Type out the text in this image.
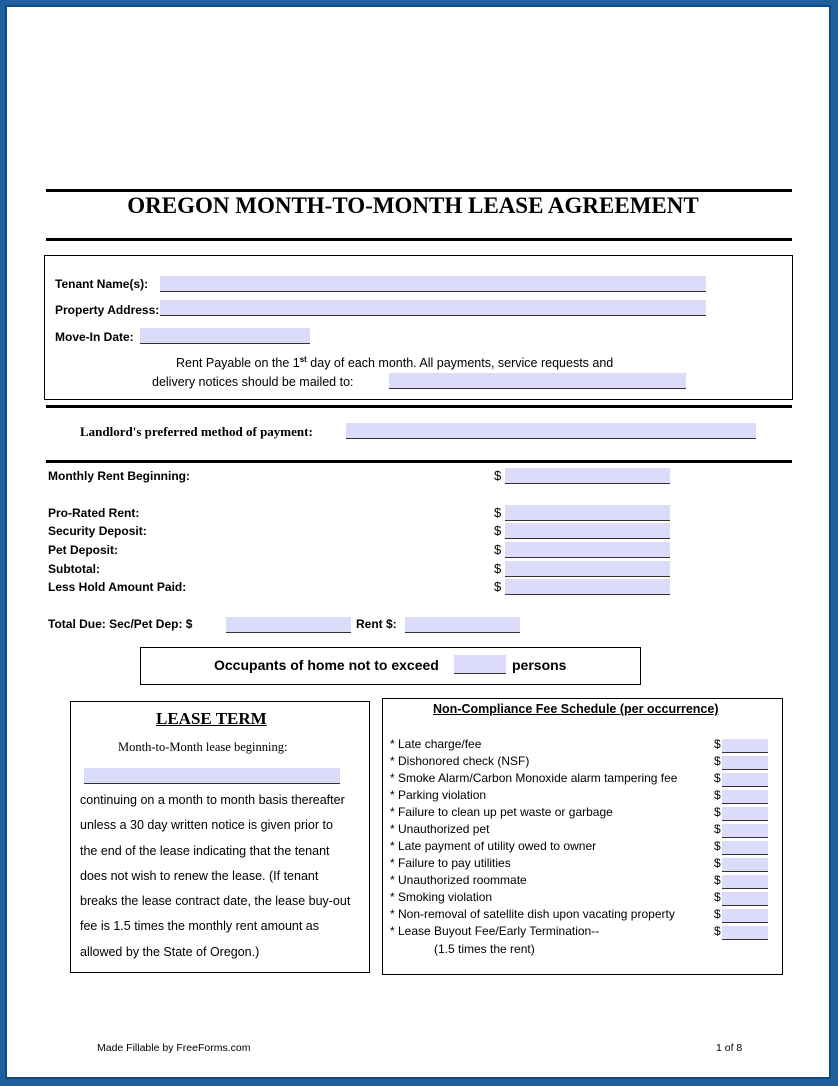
OREGON MONTH-TO-MONTH LEASE AGREEMENT
Tenant Name(s):
Property Address:
Move-In Date:
Rent Payable on the 1st day of each month. All payments, service requests and
delivery notices should be mailed to:
Landlord's preferred method of payment:
Monthly Rent Beginning:	$
Pro-Rated Rent:	$
Security Deposit:	$
Pet Deposit:	$
Subtotal:	$
Less Hold Amount Paid:	$
Total Due: Sec/Pet Dep: $	Rent $:
Occupants of home not to exceed	persons
LEASE TERM
Month-to-Month lease beginning:
continuing on a month to month basis thereafter
unless a 30 day written notice is given prior to
the end of the lease indicating that the tenant
does not wish to renew the lease. (If tenant
breaks the lease contract date, the lease buy-out
fee is 1.5 times the monthly rent amount as
allowed by the State of Oregon.)
Non-Compliance Fee Schedule (per occurrence)
* Late charge/fee	$
* Dishonored check (NSF)	$
* Smoke Alarm/Carbon Monoxide alarm tampering fee	$
* Parking violation	$
* Failure to clean up pet waste or garbage	$
* Unauthorized pet	$
* Late payment of utility owed to owner	$
* Failure to pay utilities	$
* Unauthorized roommate	$
* Smoking violation	$
* Non-removal of satellite dish upon vacating property	$
* Lease Buyout Fee/Early Termination--	$
(1.5 times the rent)
Made Fillable by FreeForms.com	1 of 8
